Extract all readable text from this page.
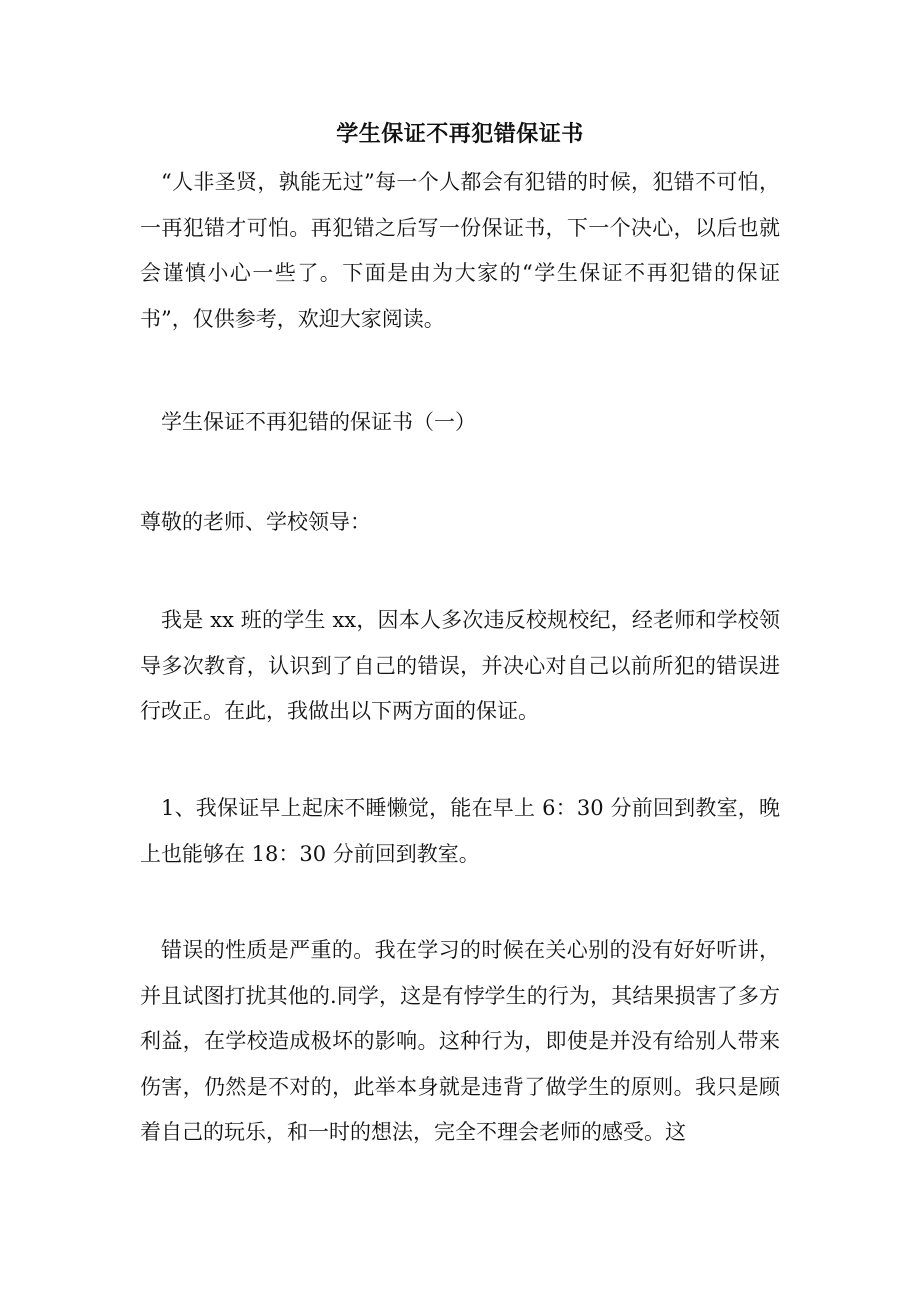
学生保证不再犯错保证书

“人非圣贤，孰能无过”每一个人都会有犯错的时候，犯错不可怕，一再犯错才可怕。再犯错之后写一份保证书，下一个决心，以后也就会谨慎小心一些了。下面是由为大家的“学生保证不再犯错的保证书”，仅供参考，欢迎大家阅读。

学生保证不再犯错的保证书（一）

尊敬的老师、学校领导：

我是 xx 班的学生 xx，因本人多次违反校规校纪，经老师和学校领导多次教育，认识到了自己的错误，并决心对自己以前所犯的错误进行改正。在此，我做出以下两方面的保证。

1、我保证早上起床不睡懒觉，能在早上 6：30 分前回到教室，晚上也能够在 18：30 分前回到教室。

错误的性质是严重的。我在学习的时候在关心别的没有好好听讲，并且试图打扰其他的.同学，这是有悖学生的行为，其结果损害了多方利益，在学校造成极坏的影响。这种行为，即使是并没有给别人带来伤害，仍然是不对的，此举本身就是违背了做学生的原则。我只是顾着自己的玩乐，和一时的想法，完全不理会老师的感受。这
